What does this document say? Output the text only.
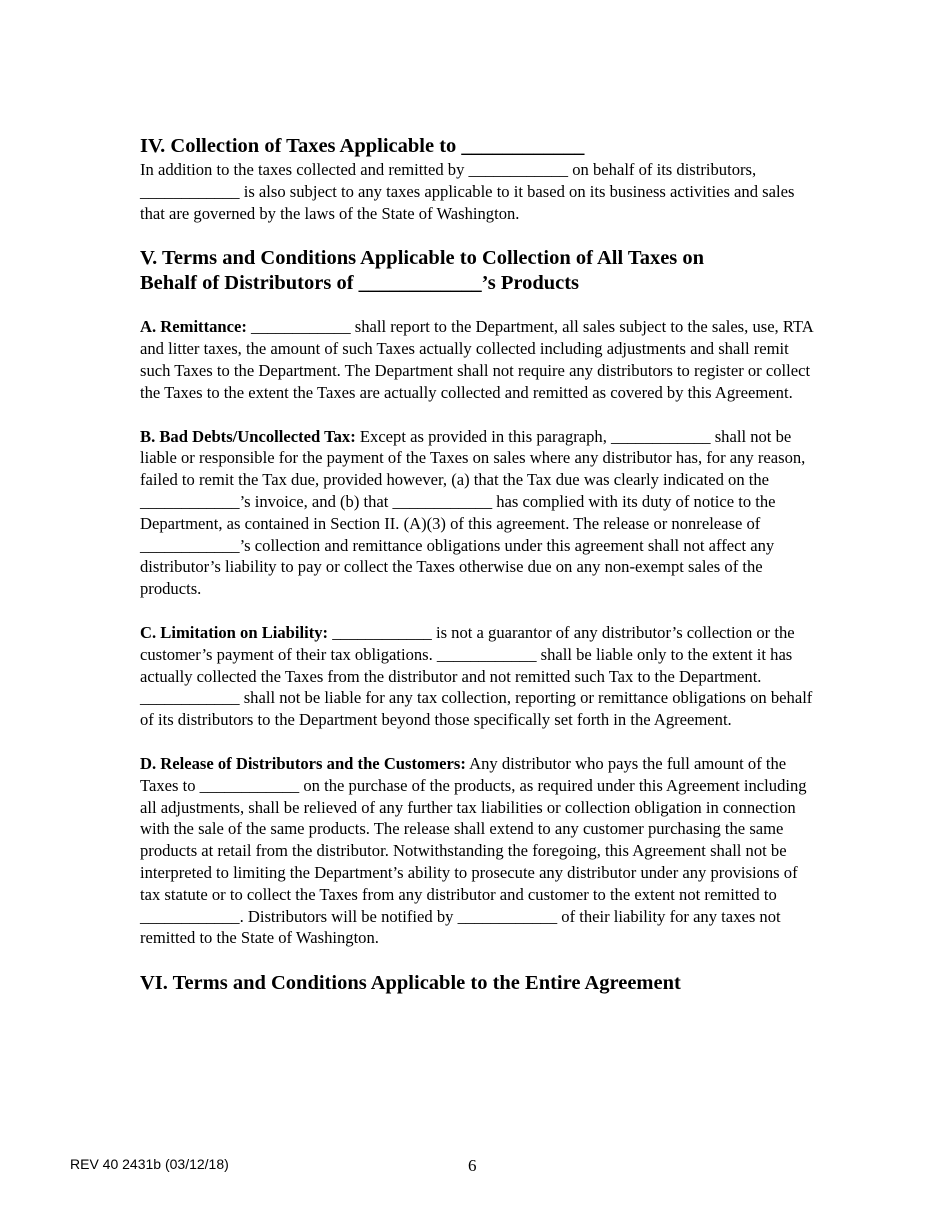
IV. Collection of Taxes Applicable to ____________

In addition to the taxes collected and remitted by ____________ on behalf of its distributors, ____________ is also subject to any taxes applicable to it based on its business activities and sales that are governed by the laws of the State of Washington.

V. Terms and Conditions Applicable to Collection of All Taxes on
Behalf of Distributors of ____________’s Products

A. Remittance: ____________ shall report to the Department, all sales subject to the sales, use, RTA and litter taxes, the amount of such Taxes actually collected including adjustments and shall remit such Taxes to the Department. The Department shall not require any distributors to register or collect the Taxes to the extent the Taxes are actually collected and remitted as covered by this Agreement.

B. Bad Debts/Uncollected Tax: Except as provided in this paragraph, ____________ shall not be liable or responsible for the payment of the Taxes on sales where any distributor has, for any reason, failed to remit the Tax due, provided however, (a) that the Tax due was clearly indicated on the ____________’s invoice, and (b) that ____________ has complied with its duty of notice to the Department, as contained in Section II. (A)(3) of this agreement. The release or nonrelease of ____________’s collection and remittance obligations under this agreement shall not affect any distributor’s liability to pay or collect the Taxes otherwise due on any non-exempt sales of the products.

C. Limitation on Liability: ____________ is not a guarantor of any distributor’s collection or the customer’s payment of their tax obligations. ____________ shall be liable only to the extent it has actually collected the Taxes from the distributor and not remitted such Tax to the Department. ____________ shall not be liable for any tax collection, reporting or remittance obligations on behalf of its distributors to the Department beyond those specifically set forth in the Agreement.

D. Release of Distributors and the Customers: Any distributor who pays the full amount of the Taxes to ____________ on the purchase of the products, as required under this Agreement including all adjustments, shall be relieved of any further tax liabilities or collection obligation in connection with the sale of the same products. The release shall extend to any customer purchasing the same products at retail from the distributor. Notwithstanding the foregoing, this Agreement shall not be interpreted to limiting the Department’s ability to prosecute any distributor under any provisions of tax statute or to collect the Taxes from any distributor and customer to the extent not remitted to ____________. Distributors will be notified by ____________ of their liability for any taxes not remitted to the State of Washington.

VI. Terms and Conditions Applicable to the Entire Agreement
REV 40 2431b (03/12/18)	6
